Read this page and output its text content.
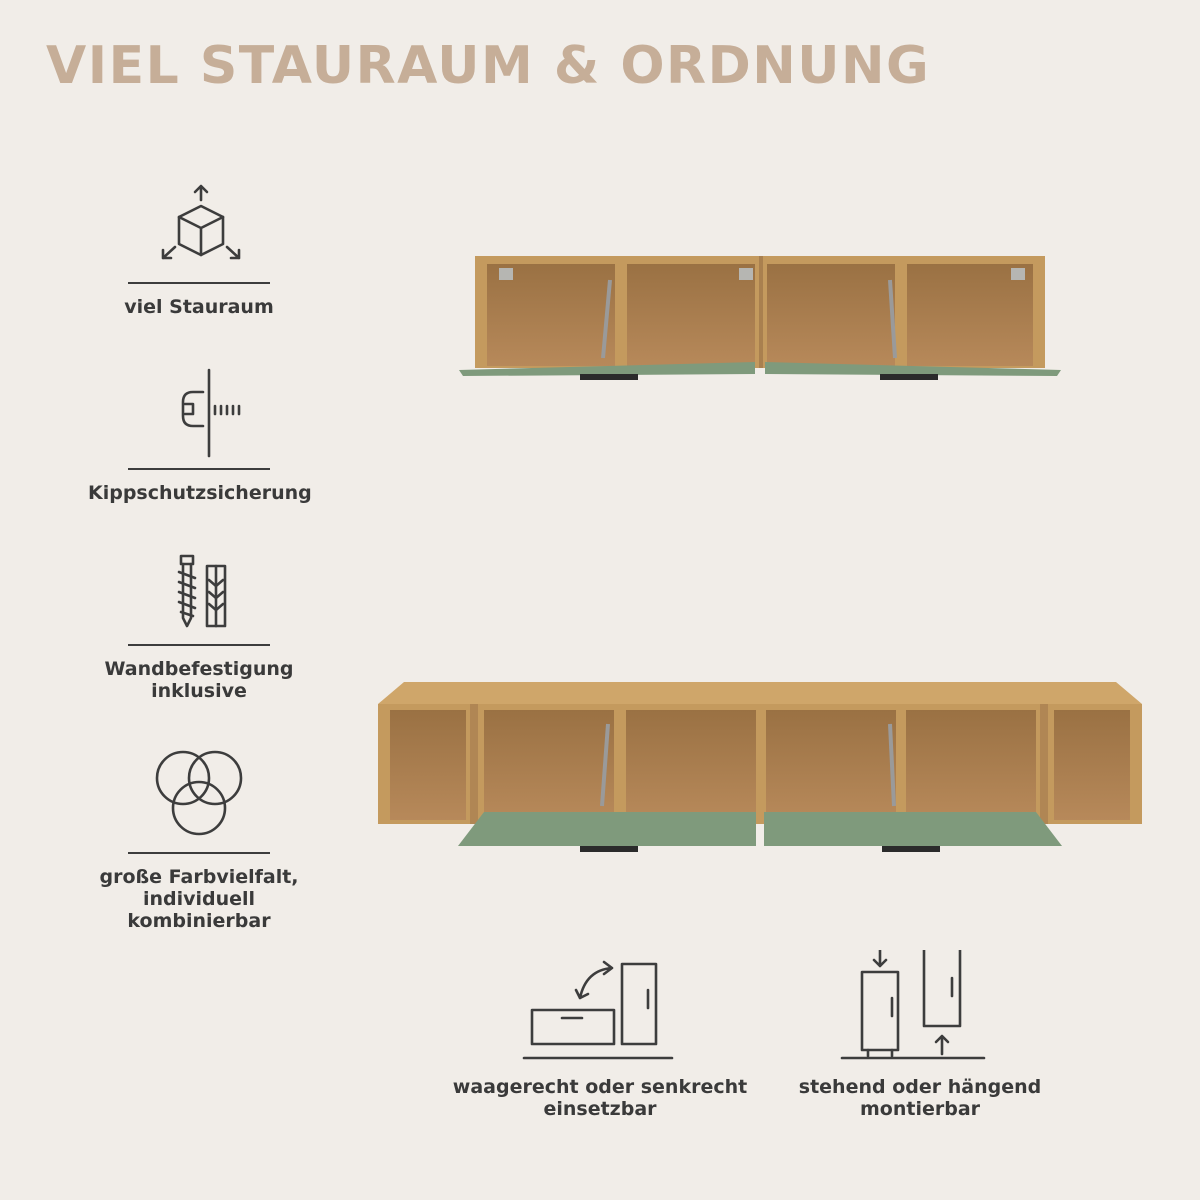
VIEL STAURAUM & ORDNUNG
viel Stauraum
Kippschutzsicherung
Wandbefestigung inklusive
große Farbvielfalt, individuell kombinierbar
waagerecht oder senkrecht einsetzbar
stehend oder hängend montierbar
